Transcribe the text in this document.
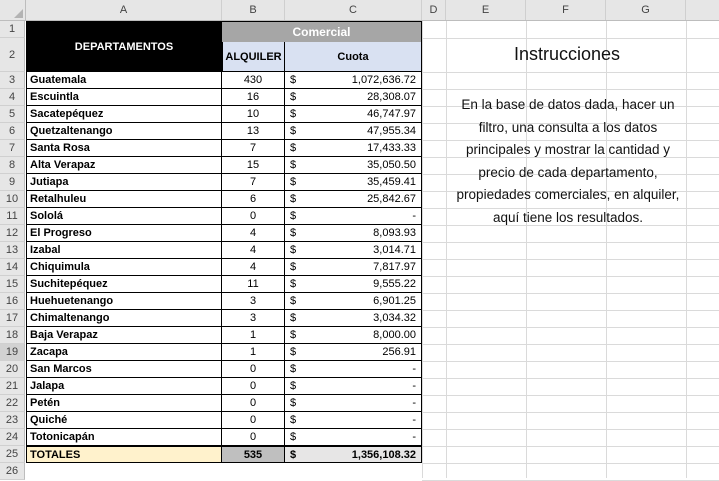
A	B	C	D	E	F	G
1
2
3
4
5
6
7
8
9
10
11
12
13
14
15
16
17
18
19
20
21
22
23
24
25
26
DEPARTAMENTOS
Comercial
ALQUILER	Cuota
Guatemala	430	$	1,072,636.72
Escuintla	16	$	28,308.07
Sacatepéquez	10	$	46,747.97
Quetzaltenango	13	$	47,955.34
Santa Rosa	7	$	17,433.33
Alta Verapaz	15	$	35,050.50
Jutiapa	7	$	35,459.41
Retalhuleu	6	$	25,842.67
Sololá	0	$	-
El Progreso	4	$	8,093.93
Izabal	4	$	3,014.71
Chiquimula	4	$	7,817.97
Suchitepéquez	11	$	9,555.22
Huehuetenango	3	$	6,901.25
Chimaltenango	3	$	3,034.32
Baja Verapaz	1	$	8,000.00
Zacapa	1	$	256.91
San Marcos	0	$	-
Jalapa	0	$	-
Petén	0	$	-
Quiché	0	$	-
Totonicapán	0	$	-
TOTALES	535	$	1,356,108.32
Instrucciones
En la base de datos dada, hacer un filtro, una consulta a los datos principales y mostrar la cantidad y precio de cada departamento, propiedades comerciales, en alquiler, aquí tiene los resultados.
